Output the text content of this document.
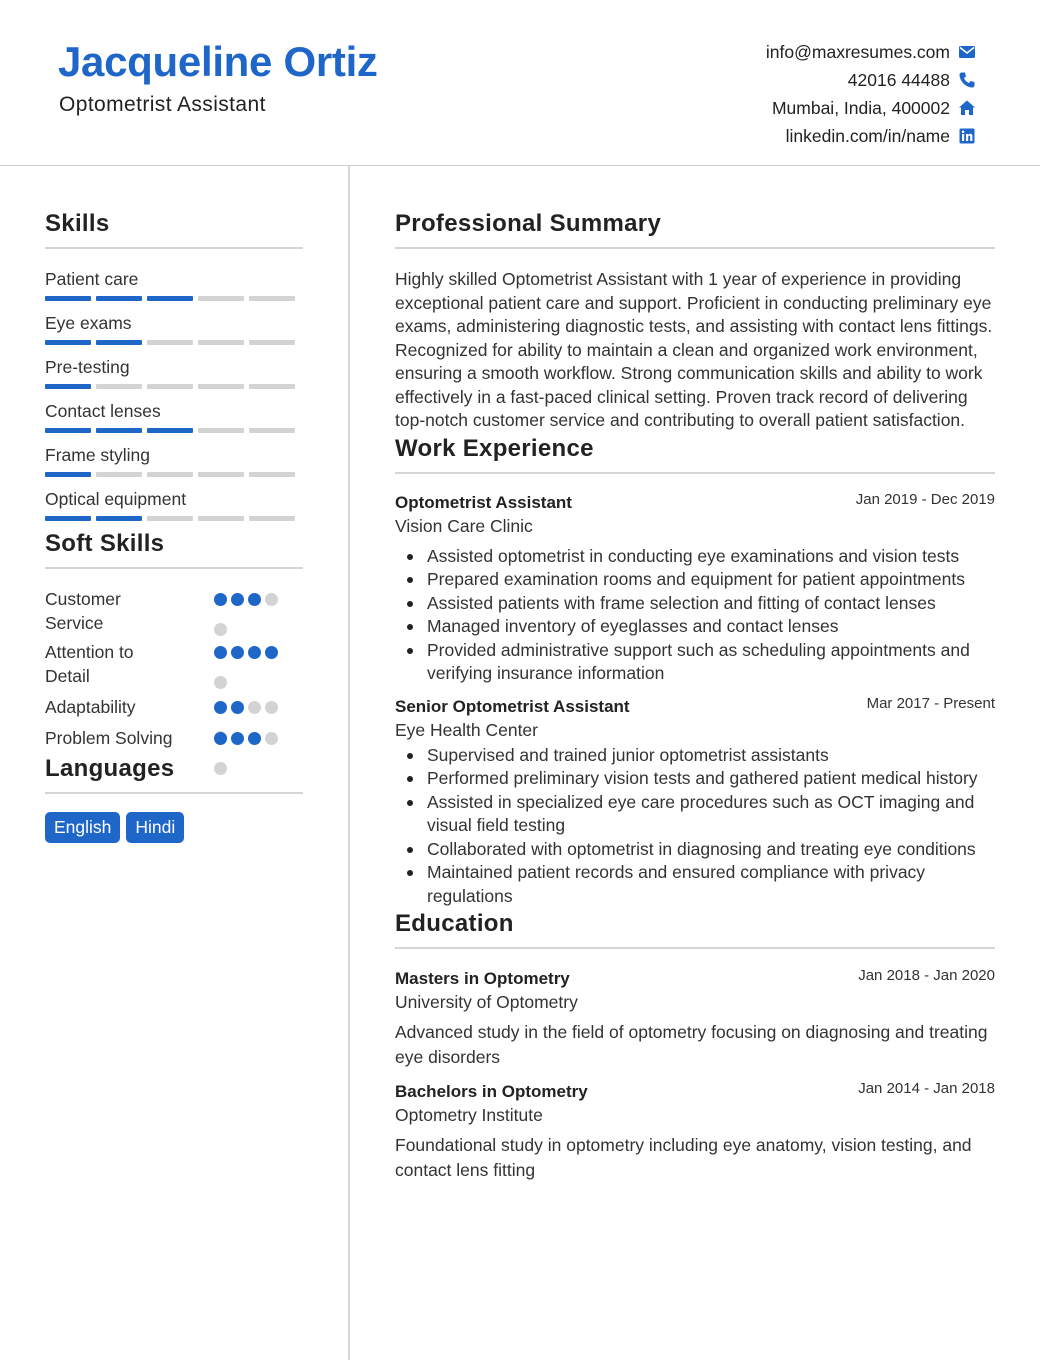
Jacqueline Ortiz
Optometrist Assistant
info@maxresumes.com
42016 44488
Mumbai, India, 400002
linkedin.com/in/name
Skills
Patient care
Eye exams
Pre-testing
Contact lenses
Frame styling
Optical equipment
Soft Skills
Customer Service
Attention to Detail
Adaptability
Problem Solving
Languages
English	Hindi
Professional Summary

Highly skilled Optometrist Assistant with 1 year of experience in providing exceptional patient care and support. Proficient in conducting preliminary eye exams, administering diagnostic tests, and assisting with contact lens fittings. Recognized for ability to maintain a clean and organized work environment, ensuring a smooth workflow. Strong communication skills and ability to work effectively in a fast-paced clinical setting. Proven track record of delivering top-notch customer service and contributing to overall patient satisfaction.

Work Experience
Optometrist Assistant	Jan 2019 - Dec 2019
Vision Care Clinic
Assisted optometrist in conducting eye examinations and vision tests
Prepared examination rooms and equipment for patient appointments
Assisted patients with frame selection and fitting of contact lenses
Managed inventory of eyeglasses and contact lenses
Provided administrative support such as scheduling appointments and verifying insurance information
Senior Optometrist Assistant	Mar 2017 - Present
Eye Health Center
Supervised and trained junior optometrist assistants
Performed preliminary vision tests and gathered patient medical history
Assisted in specialized eye care procedures such as OCT imaging and visual field testing
Collaborated with optometrist in diagnosing and treating eye conditions
Maintained patient records and ensured compliance with privacy regulations
Education
Masters in Optometry	Jan 2018 - Jan 2020
University of Optometry

Advanced study in the field of optometry focusing on diagnosing and treating eye disorders

Bachelors in Optometry	Jan 2014 - Jan 2018
Optometry Institute

Foundational study in optometry including eye anatomy, vision testing, and contact lens fitting
